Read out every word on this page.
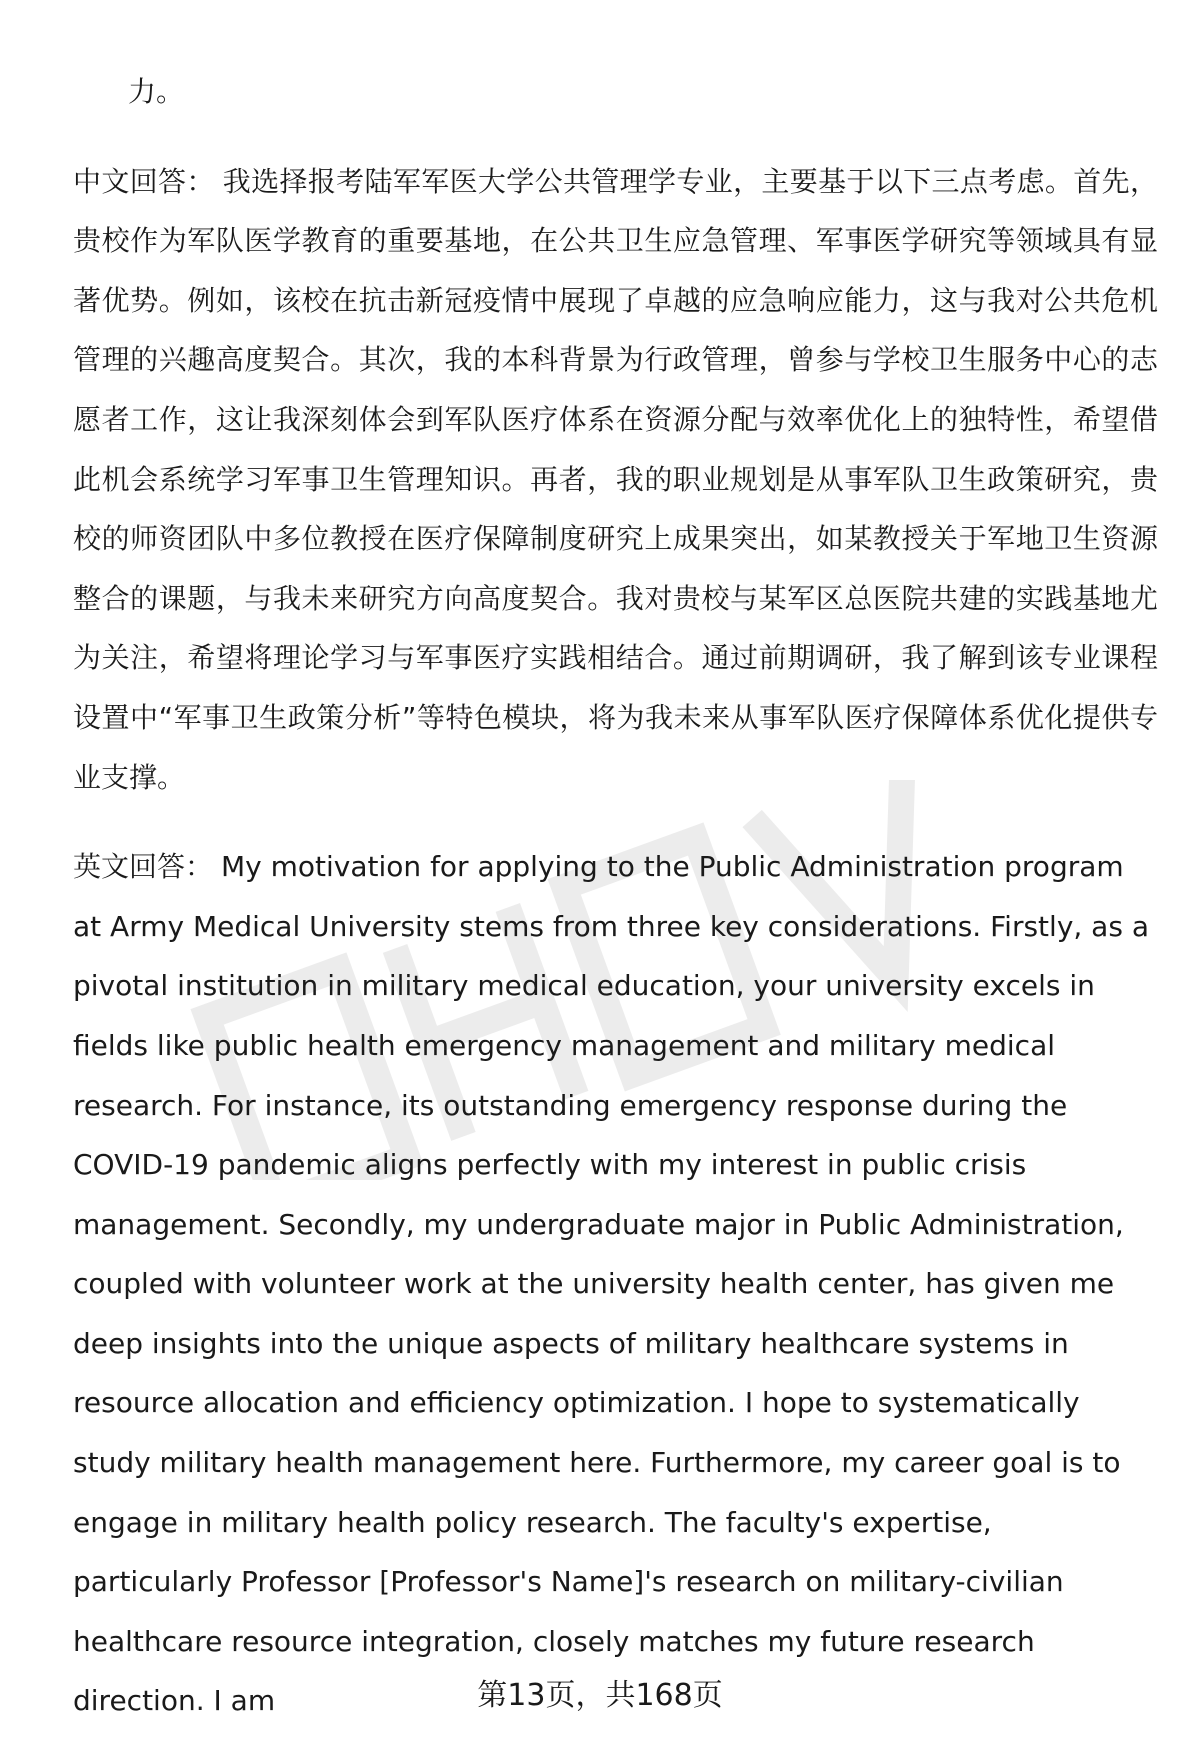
力。

中文回答： 我选择报考陆军军医大学公共管理学专业，主要基于以下三点考虑。首先，贵校作为军队医学教育的重要基地，在公共卫生应急管理、军事医学研究等领域具有显著优势。例如，该校在抗击新冠疫情中展现了卓越的应急响应能力，这与我对公共危机管理的兴趣高度契合。其次，我的本科背景为行政管理，曾参与学校卫生服务中心的志愿者工作，这让我深刻体会到军队医疗体系在资源分配与效率优化上的独特性，希望借此机会系统学习军事卫生管理知识。再者，我的职业规划是从事军队卫生政策研究，贵校的师资团队中多位教授在医疗保障制度研究上成果突出，如某教授关于军地卫生资源整合的课题，与我未来研究方向高度契合。我对贵校与某军区总医院共建的实践基地尤为关注，希望将理论学习与军事医疗实践相结合。通过前期调研，我了解到该专业课程设置中“军事卫生政策分析”等特色模块，将为我未来从事军队医疗保障体系优化提供专业支撑。

英文回答： My motivation for applying to the Public Administration program at Army Medical University stems from three key considerations. Firstly, as a pivotal institution in military medical education, your university excels in fields like public health emergency management and military medical research. For instance, its outstanding emergency response during the COVID-19 pandemic aligns perfectly with my interest in public crisis management. Secondly, my undergraduate major in Public Administration, coupled with volunteer work at the university health center, has given me deep insights into the unique aspects of military healthcare systems in resource allocation and efficiency optimization. I hope to systematically study military health management here. Furthermore, my career goal is to engage in military health policy research. The faculty's expertise, particularly Professor [Professor's Name]'s research on military-civilian healthcare resource integration, closely matches my future research direction. I am	第13页，共168页
